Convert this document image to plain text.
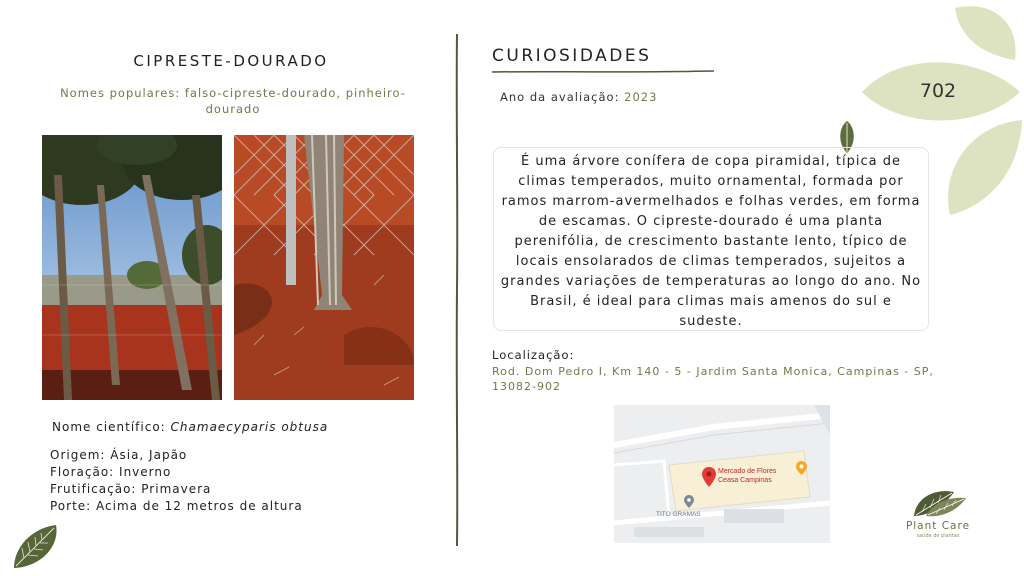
702
CIPRESTE-DOURADO
Nomes populares: falso-cipreste-dourado, pinheiro-dourado
Nome científico: Chamaecyparis obtusa
Origem: Ásia, Japão
Floração: Inverno
Frutificação: Primavera
Porte: Acima de 12 metros de altura
CURIOSIDADES
Ano da avaliação: 2023
É uma árvore conífera de copa piramidal, típica de climas temperados, muito ornamental, formada por ramos marrom-avermelhados e folhas verdes, em forma de escamas. O cipreste-dourado é uma planta perenifólia, de crescimento bastante lento, típico de locais ensolarados de climas temperados, sujeitos a grandes variações de temperaturas ao longo do ano. No Brasil, é ideal para climas mais amenos do sul e sudeste.
Localização:
Rod. Dom Pedro I, Km 140 - 5 - Jardim Santa Monica, Campinas - SP, 13082-902
Mercado de Flores
Ceasa Campinas
TITO GRAMAS
Plant Care
saúde de plantas
